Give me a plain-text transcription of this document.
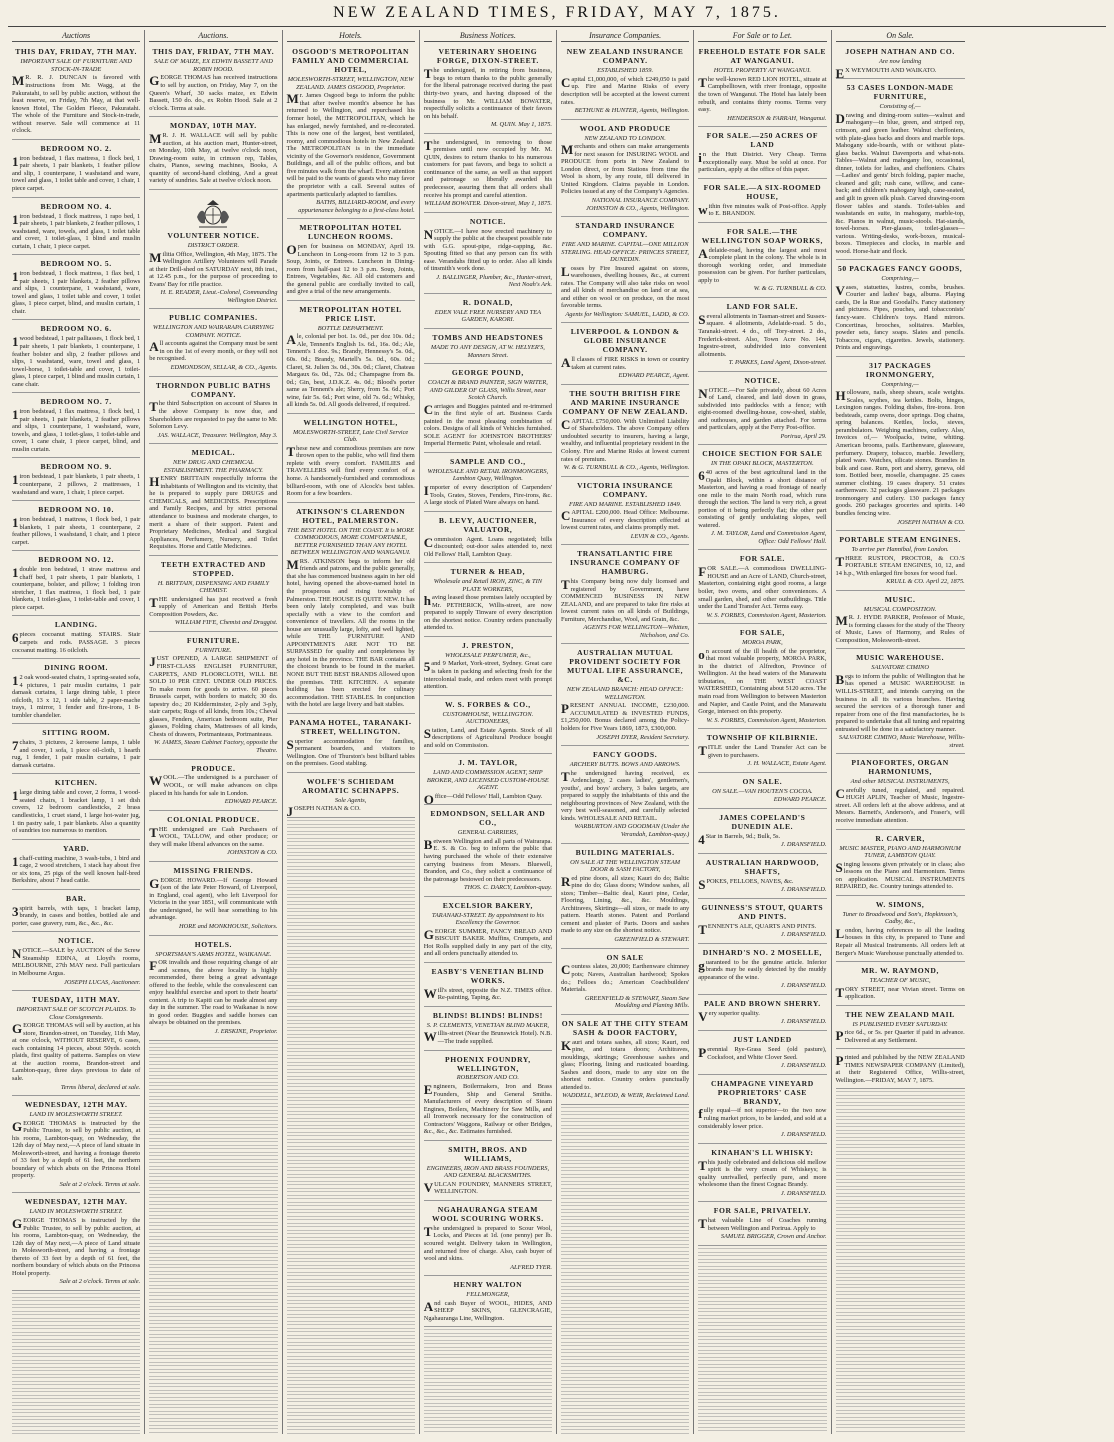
NEW ZEALAND TIMES, FRIDAY, MAY 7, 1875.
Auctions
THIS DAY, FRIDAY, 7TH MAY.
IMPORTANT SALE OF FURNITURE AND STOCK-IN-TRADE
MR. R. J. DUNCAN is favored with instructions from Mr. Wagg, at the Pakuratahi, to sell by public auction, without the least reserve, on Friday, 7th May, at that well-known Hotel, The Golden Fleece, Pakuratahi. The whole of the Furniture and Stock-in-trade, without reserve. Sale will commence at 11 o'clock.
BEDROOM NO. 2.
1iron bedstead, 1 flax mattress, 1 flock bed, 1 pair sheets, 1 pair blankets, 1 feather pillow and slip, 1 counterpane, 1 washstand and ware, towel and glass, 1 toilet table and cover, 1 chair, 1 piece carpet.
BEDROOM NO. 4.
1iron bedstead, 1 flock mattress, 1 rapo bed, 1 pair sheets, 1 pair blankets, 2 feather pillows, 1 washstand, ware, towels, and glass, 1 toilet table and cover, 1 toilet-glass, 1 blind and muslin curtain, 1 chair, 1 piece carpet.
BEDROOM NO. 5.
1iron bedstead, 1 flock mattress, 1 flax bed, 1 pair sheets, 1 pair blankets, 2 feather pillows and slips, 1 counterpane, 1 washstand, ware, towel and glass, 1 toilet table and cover, 1 toilet glass, 1 piece carpet, blind, and muslin curtain, 1 chair.
BEDROOM NO. 6.
1wood bedstead, 1 pair palliasses, 1 flock bed, 1 pair sheets, 1 pair blankets, 1 counterpane, 1 feather bolster and slip, 2 feather pillows and slips, 1 washstand, ware, towel and glass, 1 towel-horse, 1 toilet-table and cover, 1 toilet-glass, 1 piece carpet, 1 blind and muslin curtain, 1 cane chair.
BEDROOM NO. 7.
1iron bedstead, 1 flax mattress, 1 flock bed, 1 pair sheets, 1 pair blankets, 2 feather pillows and slips, 1 counterpane, 1 washstand, ware, towels, and glass, 1 toilet-glass, 1 toilet-table and cover, 1 cane chair, 1 piece carpet, blind, and muslin curtain.
BEDROOM NO. 9.
1iron bedstead, 1 pair blankets, 1 pair sheets, 1 counterpane, 2 pillows, 2 mattresses, 1 washstand and ware, 1 chair, 1 piece carpet.
BEDROOM NO. 10.
1iron bedstead, 1 mattress, 1 flock bed, 1 pair blankets, 1 pair sheets, 1 counterpane, 2 feather pillows, 1 washstand, 1 chair, and 1 piece carpet.
BEDROOM NO. 12.
1double iron bedstead, 1 straw mattress and chaff bed, 1 pair sheets, 1 pair blankets, 1 counterpane, bolster, and pillow; 1 folding iron stretcher, 1 flax mattress, 1 flock bed, 1 pair blankets, 1 toilet-glass, 1 toilet-table and cover, 1 piece carpet.
LANDING.
6pieces cocoanut matting. STAIRS. Stair carpets and rods. PASSAGE. 3 pieces cocoanut matting. 16 oilcloth.
DINING ROOM.
12 oak wood-seated chairs, 1 spring-seated sofa, 4 pictures, 1 pair muslin curtains, 1 pair damask curtains, 1 large dining table, 1 piece oilcloth, 13 x 12, 1 side table, 2 paper-mache trays, 1 mirror, 1 fender and fire-irons, 1 8-tumbler chandelier.
SITTING ROOM.
7chairs, 3 pictures, 2 kerosene lamps, 1 table and cover, 1 sofa, 1 piece oil-cloth, 1 hearth rug, 1 fender, 1 pair muslin curtains, 1 pair damask curtains.
KITCHEN.
1large dining table and cover, 2 forms, 1 wood-seated chairs, 1 bracket lamp, 1 set dish covers, 12 bedroom candlesticks, 2 brass candlesticks, 1 cruet stand, 1 large hot-water jug, 1 tin pastry safe, 1 pair blankets. Also a quantity of sundries too numerous to mention.
YARD.
1chaff-cutting machine, 3 wash-tubs, 1 bird and cage, 2 wood stretchers, 1 stack hay about five or six tons, 25 pigs of the well known half-bred Berkshire, about 7 head cattle.
BAR.
3spirit barrels, with taps, 1 bracket lamp, brandy, in cases and bottles, bottled ale and porter, case gravery, rum, &c., &c., &c.
NOTICE.
NOTICE.—SALE by AUCTION of the Screw Steamship EDINA, at Lloyd's rooms, MELBOURNE, 27th MAY next. Full particulars in Melbourne Argus.
JOSEPH LUCAS, Auctioneer.
TUESDAY, 11TH MAY.
IMPORTANT SALE OF SCOTCH PLAIDS. To Close Consignments.
GEORGE THOMAS will sell by auction, at his store, Brandon-street, on Tuesday, 11th May, at one o'clock, WITHOUT RESERVE, 6 cases, each containing 14 pieces, about 50yds. scotch plaids, first quality of patterns. Samples on view at the auction rooms, Brandon-street and Lambton-quay, three days previous to date of sale.
Terms liberal, declared at sale.
WEDNESDAY, 12TH MAY.
LAND IN MOLESWORTH STREET.
GEORGE THOMAS is instructed by the Public Trustee, to sell by public auction, at his rooms, Lambton-quay, on Wednesday, the 12th day of May next,—A piece of land situate in Molesworth-street, and having a frontage thereto of 33 feet by a depth of 61 feet, the northern boundary of which abuts on the Princess Hotel property.
Sale at 2 o'clock. Terms at sale.
WEDNESDAY, 12TH MAY.
LAND IN MOLESWORTH STREET.
GEORGE THOMAS is instructed by the Public Trustee, to sell by public auction, at his rooms, Lambton-quay, on Wednesday, the 12th day of May next,—A piece of Land situate in Molesworth-street, and having a frontage thereto of 33 feet by a depth of 61 feet, the northern boundary of which abuts on the Princess Hotel property.
Sale at 2 o'clock. Terms at sale.
Auctions.
THIS DAY, FRIDAY, 7TH MAY.
SALE OF MAIZE, EX EDWIN BASSETT AND ROBIN HOOD.
GEORGE THOMAS has received instructions to sell by auction, on Friday, May 7, on the Queen's Wharf, 30 sacks maize, ex Edwin Bassett, 150 do. do., ex Robin Hood. Sale at 2 o'clock. Terms at sale.
MONDAY, 10TH MAY.
MR. J. H. WALLACE will sell by public auction, at his auction mart, Hunter-street, on Monday, 10th May, at twelve o'clock noon, Drawing-room suite, in crimson rep, Tables, chairs, Pianos, sewing machines, Books, A quantity of second-hand clothing, And a great variety of sundries. Sale at twelve o'clock noon.
VOLUNTEER NOTICE.
DISTRICT ORDER.
Militia Office, Wellington, 4th May, 1875. The Wellington Artillery Volunteers will Parade at their Drill-shed on SATURDAY next, 8th inst., at 12.45 p.m., for the purpose of proceeding to Evans' Bay for rifle practice.
H. E. READER, Lieut.-Colonel, Commanding Wellington District.
PUBLIC COMPANIES.
WELLINGTON AND WAIRARAPA CARRYING COMPANY. NOTICE.
All accounts against the Company must be sent in on the 1st of every month, or they will not be recognised.
EDMONDSON, SELLAR, & CO., Agents.
THORNDON PUBLIC BATHS COMPANY.
The third Subscription on account of Shares in the above Company is now due, and Shareholders are requested to pay the same to Mr. Solomon Levy.
JAS. WALLACE, Treasurer. Wellington, May 3.
MEDICAL.
NEW DRUG AND CHEMICAL ESTABLISHMENT. THE PHARMACY.
HENRY BRITTAIN respectfully informs the inhabitants of Wellington and its vicinity, that he is prepared to supply pure DRUGS and CHEMICALS, and MEDICINES. Prescriptions and Family Recipes, and by strict personal attendance to business and moderate charges, to merit a share of their support. Patent and Proprietary Medicines, Medical and Surgical Appliances, Perfumery, Nursery, and Toilet Requisites. Horse and Cattle Medicines.
TEETH EXTRACTED AND STOPPED.
H. BRITTAIN, DISPENSING AND FAMILY CHEMIST.
THE undersigned has just received a fresh supply of American and British Herbs Composition Powders, &c.
WILLIAM FIFE, Chemist and Druggist.
FURNITURE.
FURNITURE.
JUST OPENED, A LARGE SHIPMENT of FIRST-CLASS ENGLISH FURNITURE, CARPETS, AND FLOORCLOTH, WILL BE SOLD 10 PER CENT. UNDER OLD PRICES. To make room for goods to arrive. 60 pieces Brussels carpet, with borders to match; 30 do. tapestry do.; 20 Kidderminster, 2-ply and 3-ply, stair carpets; Rugs of all kinds, from 10s.; Cheval glasses, Fenders, American bedroom suite, Pier glasses, Folding chairs, Mattresses of all kinds, Chests of drawers, Portmanteaus, Portmanteaus.
W. JAMES, Steam Cabinet Factory, opposite the Theatre.
PRODUCE.
WOOL.—The undersigned is a purchaser of WOOL, or will make advances on clips placed in his hands for sale in London.
EDWARD PEARCE.
COLONIAL PRODUCE.
THE undersigned are Cash Purchasers of WOOL, TALLOW, and other produce; or they will make liberal advances on the same.
JOHNSTON & CO.
MISSING FRIENDS.
GEORGE HOWARD.—If George Howard (son of the late Peter Howard, of Liverpool, in England, coal agent), who left Liverpool for Victoria in the year 1851, will communicate with the undersigned, he will hear something to his advantage.
HORE and MONKHOUSE, Solicitors.
HOTELS.
SPORTSMAN'S ARMS HOTEL, WAIKANAE.
FOR invalids and those requiring change of air and scenes, the above locality is highly recommended, there being a great advantage offered to the feeble, while the convalescent can enjoy healthful exercise and sport to their hearts' content. A trip to Kapiti can be made almost any day in the summer. The road to Waikanae is now in good order. Buggies and saddle horses can always be obtained on the premises.
J. ERSKINE, Proprietor.
Hotels.
OSGOOD'S METROPOLITAN FAMILY AND COMMERCIAL HOTEL,
MOLESWORTH-STREET, WELLINGTON, NEW ZEALAND. JAMES OSGOOD, Proprietor.
Mr. James Osgood begs to inform the public that after twelve month's absence he has returned to Wellington, and repurchased his former hotel, the METROPOLITAN, which he has enlarged, newly furnished, and re-decorated. This is now one of the largest, best ventilated, roomy, and commodious hotels in New Zealand. The METROPOLITAN is in the immediate vicinity of the Governor's residence, Government Buildings, and all of the public offices, and but five minutes walk from the wharf. Every attention will be paid to the wants of guests who may favor the proprietor with a call. Several suites of apartments particularly adapted to families.
BATHS, BILLIARD-ROOM, and every appurtenance belonging to a first-class hotel.
METROPOLITAN HOTEL LUNCHEON ROOMS.
Open for business on MONDAY, April 19. Luncheon in Long-room from 12 to 3 p.m. Soup, Joints, or Entrees. Luncheon in Dining-room from half-past 12 to 3 p.m. Soup, Joints, Entrees, Vegetables, &c. All old customers and the general public are cordially invited to call, and give a trial of the new arrangements.
METROPOLITAN HOTEL PRICE LIST.
BOTTLE DEPARTMENT.
Ale, colonial per bot. 1s. 0d., per doz 10s. 0d.; Ale, Tennent's English 1s. 6d., 16s. 0d.; Ale, Tennent's 1 doz. 9s.; Brandy, Hennessy's 5s. 0d., 60s. 0d.; Brandy, Martell's 5s. 0d., 60s. 0d.; Claret, St. Julien 3s. 0d., 30s. 0d.; Claret, Chateau Margaux 6s. 0d., 72s. 0d.; Champagne from 8s. 0d.; Gin, best, J.D.K.Z. 4s. 0d.; Blood's porter same as Tennent's ale; Sherry, from 5s. 6d.; Port wine, fair 5s. 6d.; Port wine, old 7s. 6d.; Whisky, all kinds 5s. 0d. All goods delivered, if required.
WELLINGTON HOTEL,
MOLESWORTH-STREET, Late Civil Service Club.
These new and commodious premises are now thrown open to the public, who will find them replete with every comfort. FAMILIES and TRAVELLERS will find every comfort of a home. A handsomely-furnished and commodious billiard-room, with one of Alcock's best tables. Room for a few boarders.
ATKINSON'S CLARENDON HOTEL, PALMERSTON.
THE BEST HOTEL ON THE COAST. It is MORE COMMODIOUS, MORE COMFORTABLE, BETTER FURNISHED THAN ANY HOTEL BETWEEN WELLINGTON AND WANGANUI.
MRS. ATKINSON begs to inform her old friends and patrons, and the public generally, that she has commenced business again in her old hotel, having opened the above-named hotel in the prosperous and rising township of Palmerston. THE HOUSE IS QUITE NEW. It has been only lately completed, and was built specially with a view to the comfort and convenience of travellers. All the rooms in the house are unusually large, lofty, and well lighted, while THE FURNITURE AND APPOINTMENTS ARE NOT TO BE SURPASSED for quality and completeness by any hotel in the province. THE BAR contains all the choicest brands to be found in the market. NONE BUT THE BEST BRANDS Allowed upon the premises. THE KITCHEN. A separate building has been erected for culinary accommodation. THE STABLES. In conjunction with the hotel are large livery and bait stables.
PANAMA HOTEL, TARANAKI-STREET, WELLINGTON.
Superior accommodation for families, permanent boarders, and visitors to Wellington. One of Thurston's best billiard tables on the premises. Good stabling.
WOLFE'S SCHIEDAM AROMATIC SCHNAPPS.
Sole Agents,
JOSEPH NATHAN & CO.
Business Notices.
VETERINARY SHOEING FORGE, DIXON-STREET.
The undersigned, in retiring from business, begs to return thanks to the public generally for the liberal patronage received during the past thirty-two years, and having disposed of the business to Mr. WILLIAM BOWATER, respectfully solicits a continuance of their favors on his behalf.
M. QUIN. May 1, 1875.
The undersigned, in removing to those premises until now occupied by Mr. M. QUIN, desires to return thanks to his numerous customers for past favors, and begs to solicit a continuance of the same, as well as that support and patronage so liberally awarded his predecessor, assuring them that all orders shall receive his prompt and careful attention.
WILLIAM BOWATER. Dixon-street, May 1, 1875.
NOTICE.
NOTICE.—I have now erected machinery to supply the public at the cheapest possible rate with G.G. spout-pipe, ridge-capping, &c. Spouting fitted so that any person can fix with ease. Verandahs fitted up to order. Also all kinds of tinsmith's work done.
J. BALLINGER, Plumber, &c., Hunter-street, Next Noah's Ark.
R. DONALD,
EDEN VALE FREE NURSERY AND TEA GARDEN, KARORI.
TOMBS AND HEADSTONES
MADE TO ANY DESIGN, AT W. HELYER'S, Manners Street.
GEORGE POUND,
COACH & BRAND PAINTER, SIGN WRITER, AND GILDER OF GLASS, Willis Street, near Scotch Church.
Carriages and Buggies painted and re-trimmed in the first style of art. Business Cards painted in the most pleasing combination of colors. Designs of all kinds of Vehicles furnished. SOLE AGENT for JOHNSTON BROTHERS' Imperial Hermetic Paint, wholesale and retail.
SAMPLE AND CO.,
WHOLESALE AND RETAIL IRONMONGERS, Lambton Quay, Wellington.
Importer of every description of Carpenders' Tools, Grates, Stoves, Fenders, Fire-irons, &c. A large stock of Plated Ware always on hand.
B. LEVY, AUCTIONEER, VALUATOR,
Commission Agent. Loans negotiated; bills discounted; out-door sales attended to, next Old Fellows' Hall, Lambton Quay.
TURNER & HEAD,
Wholesale and Retail IRON, ZINC, & TIN PLATE WORKERS,
having leased those premises lately occupied by Mr. PETHERICK, Willis-street, are now prepared to supply Tinware of every description on the shortest notice. Country orders punctually attended to.
J. PRESTON,
WHOLESALE PERFUMER, &c.,
5and 9 Market, York-street, Sydney. Great care is taken in packing and selecting fresh for the intercolonial trade, and orders meet with prompt attention.
W. S. FORBES & CO.,
CUSTOMHOUSE, WELLINGTON. AUCTIONEERS,
Station, Land, and Estate Agents. Stock of all descriptions of Agricultural Produce bought and sold on Commission.
J. M. TAYLOR,
LAND AND COMMISSION AGENT, SHIP BROKER, AND LICENSED CUSTOM-HOUSE AGENT.
Office—Odd Fellows' Hall, Lambton Quay.
EDMONDSON, SELLAR AND CO.,
GENERAL CARRIERS,
Between Wellington and all parts of Wairarapa. E. S. & Co. beg to inform the public that having purchased the whole of their extensive carrying business from Messrs. Bluewell, Brandon, and Co., they solicit a continuance of the patronage bestowed on their predecessors.
THOS. C. DARCY, Lambton-quay.
EXCELSIOR BAKERY,
TARANAKI-STREET. By appointment to his Excellency the Governor.
GEORGE SUMMER, FANCY BREAD AND BISCUIT BAKER. Muffins, Crumpets, and Hot Rolls supplied daily in any part of the city, and all orders punctually attended to.
EASBY'S VENETIAN BLIND WORKS.
Will's street, opposite the N.Z. TIMES office. Re-painting, Taping, &c.
BLINDS! BLINDS! BLINDS!
S. P. CLEMENTS, VENETIAN BLIND MAKER,
Willis-street (Near the Brunswick Hotel). N.B.—The trade supplied.
PHOENIX FOUNDRY, WELLINGTON,
ROBERTSON AND CO.
Engineers, Boilermakers, Iron and Brass Founders, Ship and General Smiths. Manufacturers of every description of Steam Engines, Boilers, Machinery for Saw Mills, and all Ironwork necessary for the construction of Contractors' Waggons, Railway or other Bridges, &c., &c., &c. Estimates furnished.
SMITH, BROS. AND WILLIAMS,
ENGINEERS, IRON AND BRASS FOUNDERS, AND GENERAL BLACKSMITHS.
VULCAN FOUNDRY, MANNERS STREET, WELLINGTON.
NGAHAURANGA STEAM WOOL SCOURING WORKS.
The undersigned is prepared to Scour Wool, Locks, and Pieces at 1d. (one penny) per lb. scoured weight. Delivery taken in Wellington, and returned free of charge. Also, cash buyer of wool and skins.
ALFRED TYER.
HENRY WALTON
FELLMONGER,
And cash Buyer of WOOL, HIDES, AND SHEEP SKINS, GLENCRAGIE, Ngahauranga Line, Wellington.
Insurance Companies.
NEW ZEALAND INSURANCE COMPANY.
ESTABLISHED 1859.
Capital £1,000,000, of which £249,050 is paid up. Fire and Marine Risks of every description will be accepted at the lowest current rates.
BETHUNE & HUNTER, Agents, Wellington.
WOOL AND PRODUCE
NEW ZEALAND TO LONDON.
Merchants and others can make arrangements for next season for INSURING WOOL and PRODUCE from ports in New Zealand to London direct, or from Stations from time the Wool is shorn, by any route, till delivered in United Kingdom. Claims payable in London. Policies issued at any of the Company's Agencies.
NATIONAL INSURANCE COMPANY. JOHNSTON & CO., Agents, Wellington.
STANDARD INSURANCE COMPANY.
FIRE AND MARINE. CAPITAL—ONE MILLION STERLING. HEAD OFFICE: PRINCES STREET, DUNEDIN.
Losses by Fire Insured against on stores, warehouses, dwelling houses, &c., at current rates. The Company will also take risks on wool and all kinds of merchandise on land or at sea, and either on wool or on produce, on the most favorable terms.
Agents for Wellington: SAMUEL, LADD, & CO.
LIVERPOOL & LONDON & GLOBE INSURANCE COMPANY.
All classes of FIRE RISKS in town or country taken at current rates.
EDWARD PEARCE, Agent.
THE SOUTH BRITISH FIRE AND MARINE INSURANCE COMPANY OF NEW ZEALAND.
CAPITAL £750,000. With Unlimited Liability of Shareholders. The above Company offers undoubted security to insurers, having a large, wealthy, and influential proprietary resident in the Colony. Fire and Marine Risks at lowest current rates of premium.
W. & G. TURNBULL & CO., Agents, Wellington.
VICTORIA INSURANCE COMPANY.
FIRE AND MARINE. ESTABLISHED 1849.
CAPITAL £200,000. Head Office: Melbourne. Insurance of every description effected at lowest current rates, and claims promptly met.
LEVIN & CO., Agents.
TRANSATLANTIC FIRE INSURANCE COMPANY OF HAMBURG.
This Company being now duly licensed and registered by Government, have COMMENCED BUSINESS IN NEW ZEALAND, and are prepared to take fire risks at lowest current rates on all kinds of Buildings, Furniture, Merchandise, Wool, and Grain, &c.
AGENTS FOR WELLINGTON—Whitten, Nicholson, and Co.
AUSTRALIAN MUTUAL PROVIDENT SOCIETY FOR MUTUAL LIFE ASSURANCE, &C.
NEW ZEALAND BRANCH: HEAD OFFICE: WELLINGTON.
PRESENT ANNUAL INCOME, £230,000. ACCUMULATED & INVESTED FUNDS, £1,250,000. Bonus declared among the Policy-holders for Five Years 1869, 1873, £300,000.
JOSEPH DYER, Resident Secretary.
FANCY GOODS.
ARCHERY BUTTS. BOWS AND ARROWS.
The undersigned having received, ex Ardenclangy, 2 cases ladies', gentlemen's, youths', and boys' archery, 3 bales targets, are prepared to supply the inhabitants of this and the neighbouring provinces of New Zealand, with the very best well-seasoned, and carefully selected kinds. WHOLESALE AND RETAIL.
WARBURTON AND GOODMAN (Under the Verandah, Lambton-quay.)
BUILDING MATERIALS.
ON SALE AT THE WELLINGTON STEAM DOOR & SASH FACTORY,
Red pine doors, all sizes; Kauri do do; Baltic pine do do; Glass doors; Window sashes, all sizes; Timber—Baltic deal, Kauri pine, Cedar, Flooring, Lining, &c., &c. Mouldings, Architraves, Skirtings—all sizes, or made to any pattern. Hearth stones. Patent and Portland cement and plaster of Paris. Doors and sashes made to any size on the shortest notice.
GREENFIELD & STEWART.
ON SALE
Countess slates, 20,000; Earthenware chimney pots; Naves, Australian hardwood; Spokes do.; Felloes do.; American Coachbuilders' Materials.
GREENFIELD & STEWART, Steam Saw Moulding and Planing Mills.
ON SALE AT THE CITY STEAM SASH & DOOR FACTORY,
Kauri and totara sashes, all sizes; Kauri, red pine, and totara doors; Architraves, mouldings, skirtings; Greenhouse sashes and glass; Flooring, lining and rusticated boarding. Sashes and doors, made to any size on the shortest notice. Country orders punctually attended to.
WADDELL, M'LEOD, & WEIR, Reclaimed Land.
For Sale or to Let.
FREEHOLD ESTATE FOR SALE AT WANGANUI.
HOTEL PROPERTY AT WANGANUI.
The well-known RED LION HOTEL, situate at Campbelltown, with river frontage, opposite the town of Wanganui. The Hotel has lately been rebuilt, and contains thirty rooms. Terms very easy.
HENDERSON & FARRAH, Wanganui.
FOR SALE.—250 ACRES OF LAND
in the Hutt District. Very Cheap. Terms exceptionally easy. Must be sold at once. For particulars, apply at the office of this paper.
FOR SALE.—A SIX-ROOMED HOUSE,
within five minutes walk of Post-office. Apply to E. BRANDON.
FOR SALE.—THE WELLINGTON SOAP WORKS,
Adelaide-road, having the largest and most complete plant in the colony. The whole is in thorough working order, and immediate possession can be given. For further particulars, apply to
W. & G. TURNBULL & CO.
LAND FOR SALE.
Several allotments in Tasman-street and Sussex-square. 4 allotments, Adelaide-road. 5 do., Taranaki-street. 4 do., off Tory-street. 2 do., Frederick-street. Also, Town Acre No. 144, Ingestre-street, subdivided into convenient allotments.
T. PARKES, Land Agent, Dixon-street.
NOTICE.
NOTICE.—For Sale privately, about 60 Acres of Land, cleared, and laid down in grass, subdivided into paddocks with a fence; with eight-roomed dwelling-house, cow-shed, stable, and outhouses, and garden attached. For terms and particulars, apply at the Ferry Post-office.
Porirua, April 29.
CHOICE SECTION FOR SALE
IN THE OPAKI BLOCK, MASTERTON.
640 acres of the best agricultural land in the Opaki Block, within a short distance of Masterton, and having a road frontage of nearly one mile to the main North road, which runs through the section. The land is very rich, a great portion of it being perfectly flat; the other part consisting of gently undulating slopes, well watered.
J. M. TAYLOR, Land and Commission Agent, Office: Odd Fellows' Hall.
FOR SALE.
FOR SALE.—A commodious DWELLING-HOUSE and an Acre of LAND, Church-street, Masterton, containing eight good rooms, a large boiler, two ovens, and other conveniences. A small garden, shed, and other outbuildings. Title under the Land Transfer Act. Terms easy.
W. S. FORBES, Commission Agent, Masterton.
FOR SALE,
MOROA PARK,
on account of the ill health of the proprietor, that most valuable property, MOROA PARK, in the district of Alfredton, Province of Wellington. At the head waters of the Manawatu tributaries, on THE WEST COAST WATERSHED, Containing about 5120 acres. The main road from Wellington to between Masterton and Napier, and Castle Point, and the Manawatu Gorge, intersect on this property.
W. S. FORBES, Commission Agent, Masterton.
TOWNSHIP OF KILBIRNIE.
TITLE under the Land Transfer Act can be given to purchasers.
J. H. WALLACE, Estate Agent.
ON SALE.
ON SALE.—VAN HOUTEN'S COCOA.
EDWARD PEARCE.
JAMES COPELAND'S DUNEDIN ALE.
4Star in Barrels, 9d.; Bulk, 5s.
J. DRANSFIELD.
AUSTRALIAN HARDWOOD, SHAFTS,
SPOKES, FELLOES, NAVES, &c.
J. DRANSFIELD.
GUINNESS'S STOUT, QUARTS AND PINTS.
TENNENT'S ALE, QUARTS AND PINTS.
J. DRANSFIELD.
DINHARD'S NO. 2 MOSELLE,
guaranteed to be the genuine article. Inferior brands may be easily detected by the muddy appearance of the wine.
J. DRANSFIELD.
PALE AND BROWN SHERRY.
Very superior quality.
J. DRANSFIELD.
JUST LANDED
Perennial Rye-Grass Seed (old pasture), Cocksfoot, and White Clover Seed.
J. DRANSFIELD.
CHAMPAGNE VINEYARD PROPRIETORS' CASE BRANDY,
fully equal—if not superior—to the two now ruling market prices, to be landed, and sold at a considerably lower price.
J. DRANSFIELD.
KINAHAN'S LL WHISKY:
This justly celebrated and delicious old mellow spirit is the very cream of Whiskeys; is quality unrivalled, perfectly pure, and more wholesome than the finest Cognac Brandy.
J. DRANSFIELD.
FOR SALE, PRIVATELY.
That valuable Line of Coaches running between Wellington and Porirua. Apply to
SAMUEL BRIGGER, Crown and Anchor.
On Sale.
JOSEPH NATHAN AND CO.
Are now landing
EX WEYMOUTH AND WAIKATO.
53 CASES LONDON-MADE FURNITURE,
Consisting of,—
Drawing and dining-room suites—walnut and mahogany—in blue, green, and striped rep, crimson, and green leather. Walnut cheffoniers, with plate-glass backs and doors and marble tops. Mahogany side-boards, with or without plate-glass backs. Walnut Davenports and what-nots. Tables—Walnut and mahogany loo, occasional, dinner, toilets for ladies, and cheffoniers. Chairs—Ladies' and gents' birch folding, papier mache, cleaned and gilt; rush cane, willow, and cane-back; and children's mahogany high, cane-seated, and gilt in green silk plush. Carved drawing-room flower tables and stands. Toilet-tables and washstands en suite, in mahogany, marble-top, &c. Pianos in walnut, music-stools. Hat-stands, towel-horses. Pier-glasses, toilet-glasses—various. Writing-desks, work-boxes, musical-boxes. Timepieces and clocks, in marble and wood. Horse-hair and flock.
50 PACKAGES FANCY GOODS,
Comprising,—
Vases, statuettes, lustres, combs, brushes. Courier and ladies' bags, albums. Playing cards, De la Rue and Goodall's. Fancy stationery and pictures. Pipes, pouches, and tobacconists' fancy-ware. Children's toys. Hand mirrors. Concertinas, brooches, solitaires. Marbles, powder sets, fancy soaps. Slates and pencils. Tobaccos, cigars, cigarettes. Jewels, stationery. Prints and engravings.
317 PACKAGES IRONMONGERY,
Comprising,—
Holloware, nails, sheep shears, scale weights. Scales, scythes, tea kettles. Bolts, hinges, Lexington ranges. Folding dishes, fire-irons. Iron bedsteads, camp ovens, door springs. Dog chains, spring balances. Kettles, locks, sieves, perambulators. Weighing machines, cutlery. Also, Invoices of,— Woolpacks, twine, whiting. American brooms, pails. Earthenware, glassware, perfumery. Drapery, tobacco, marble. Jewellery, plated ware. Watches, silicate stones. Brandies in bulk and case. Rum, port and sherry, geneva, old tom. Bottled beer, moselle, champagne. 25 cases summer clothing. 19 cases drapery. 51 crates earthenware. 32 packages glassware. 21 packages ironmongery and cutlery. 130 packages fancy goods. 260 packages groceries and spirits. 140 bundles fencing wire.
JOSEPH NATHAN & CO.
PORTABLE STEAM ENGINES.
To arrive per Hannibal, from London.
THREE RUSTON, PROCTOR, & CO.'S PORTABLE STEAM ENGINES, 10, 12, and 14 h.p., With enlarged fire boxes for wood fuel.
KRULL & CO. April 22, 1875.
MUSIC.
MUSICAL COMPOSITION.
MR. J. HYDE PARKER, Professor of Music, is forming classes for the study of the Theory of Music, Laws of Harmony, and Rules of Composition, Molesworth-street.
MUSIC WAREHOUSE.
SALVATORE CIMINO
Begs to inform the public of Wellington that he has opened a MUSIC WAREHOUSE in WILLIS-STREET, and intends carrying on the business in all its various branches. Having secured the services of a thorough tuner and repairer from one of the first manufactories, he is prepared to undertake that all tuning and repairing entrusted will be done in a satisfactory manner.
SALVATORE CIMINO, Music Warehouse, Willis-street.
PIANOFORTES, ORGAN HARMONIUMS,
And other MUSICAL INSTRUMENTS,
Carefully tuned, regulated, and repaired. HUGH APLIN, Teacher of Music, Ingestre-street. All orders left at the above address, and at Messrs. Barnett's, Anderson's, and Fraser's, will receive immediate attention.
R. CARVER,
MUSIC MASTER, PIANO AND HARMONIUM TUNER, LAMBTON QUAY.
Singing lessons given privately or in class; also lessons on the Piano and Harmonium. Terms on application. MUSICAL INSTRUMENTS REPAIRED, &c. Country tunings attended to.
W. SIMONS,
Tuner to Broadwood and Son's, Hopkinson's, Cadby, &c.,
London, having references to all the leading houses in this city, is prepared to Tune and Repair all Musical Instruments. All orders left at Berger's Music Warehouse punctually attended to.
MR. W. RAYMOND,
TEACHER OF MUSIC,
TORY STREET, near Vivian street. Terms on application.
THE NEW ZEALAND MAIL
IS PUBLISHED EVERY SATURDAY.
Price 6d., or 5s. per Quarter if paid in advance. Delivered at any Settlement.
Printed and published by the NEW ZEALAND TIMES NEWSPAPER COMPANY (Limited), at their Registered Office, Willis-street, Wellington.—FRIDAY, MAY 7, 1875.
